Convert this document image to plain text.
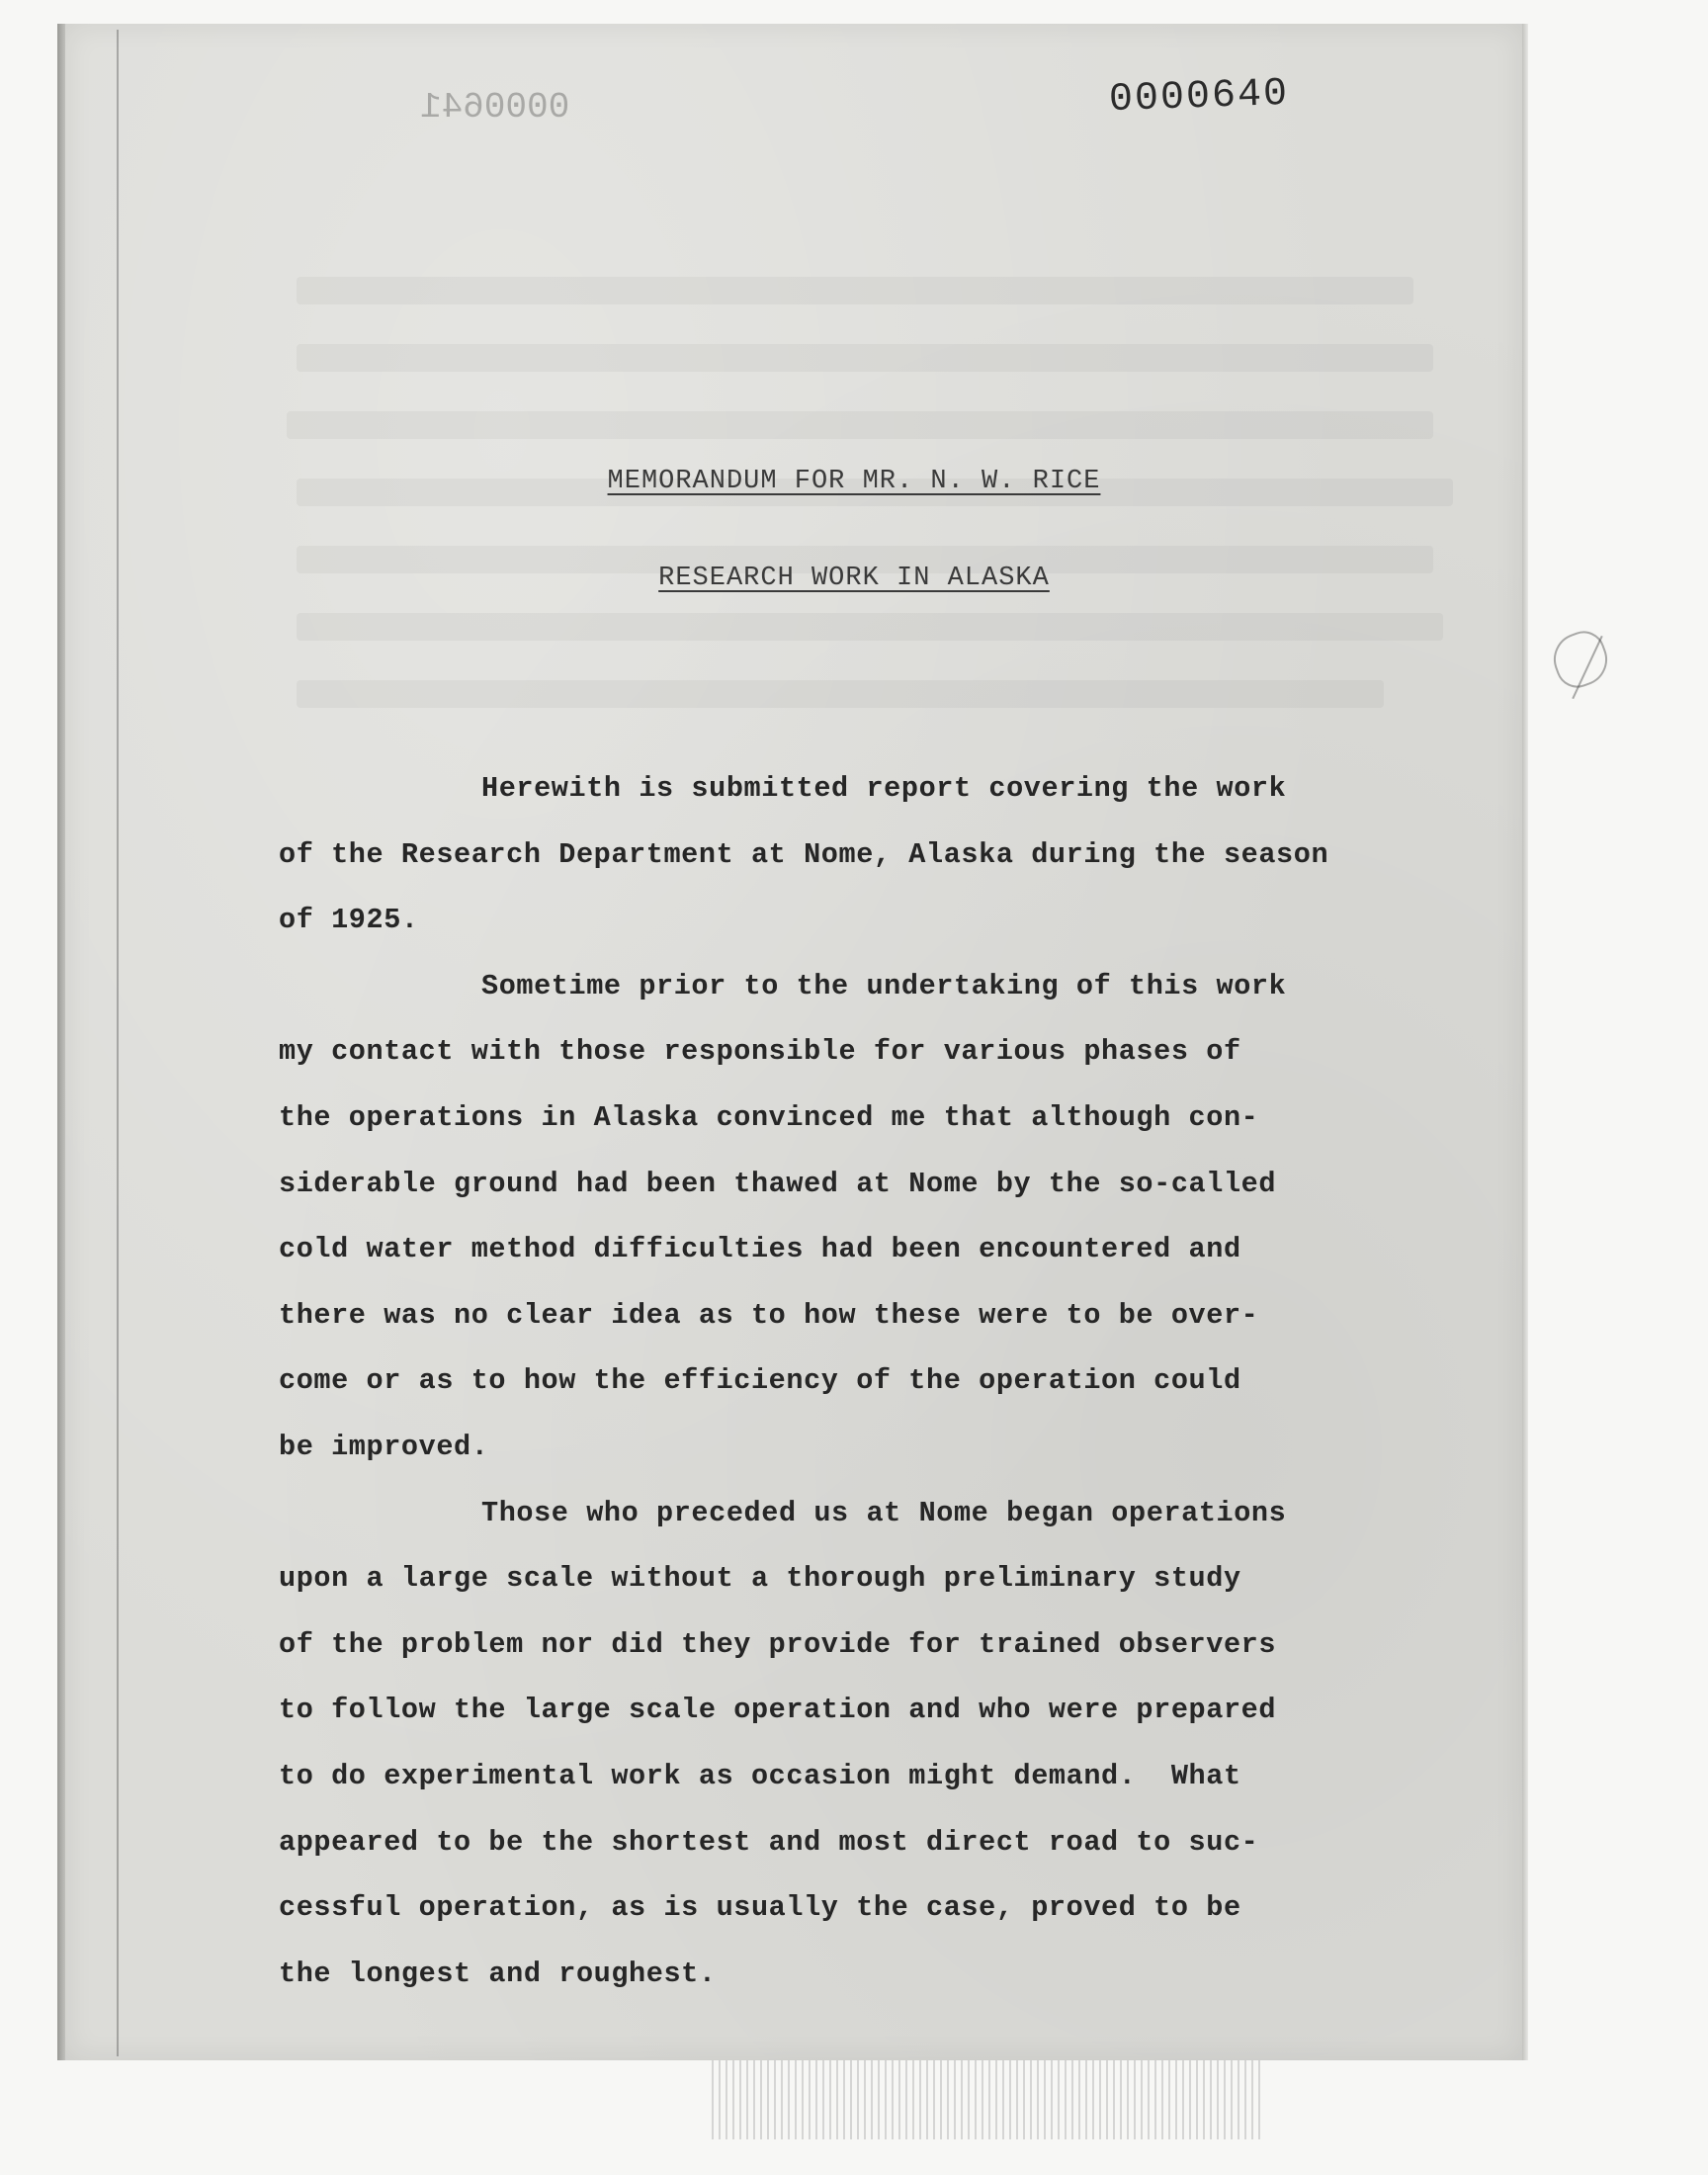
0000641	0000640
MEMORANDUM FOR MR. N. W. RICE
RESEARCH WORK IN ALASKA
Herewith is submitted report covering the work
of the Research Department at Nome, Alaska during the season
of 1925.
Sometime prior to the undertaking of this work
my contact with those responsible for various phases of
the operations in Alaska convinced me that although con-
siderable ground had been thawed at Nome by the so-called
cold water method difficulties had been encountered and
there was no clear idea as to how these were to be over-
come or as to how the efficiency of the operation could
be improved.
Those who preceded us at Nome began operations
upon a large scale without a thorough preliminary study
of the problem nor did they provide for trained observers
to follow the large scale operation and who were prepared
to do experimental work as occasion might demand.  What
appeared to be the shortest and most direct road to suc-
cessful operation, as is usually the case, proved to be
the longest and roughest.
